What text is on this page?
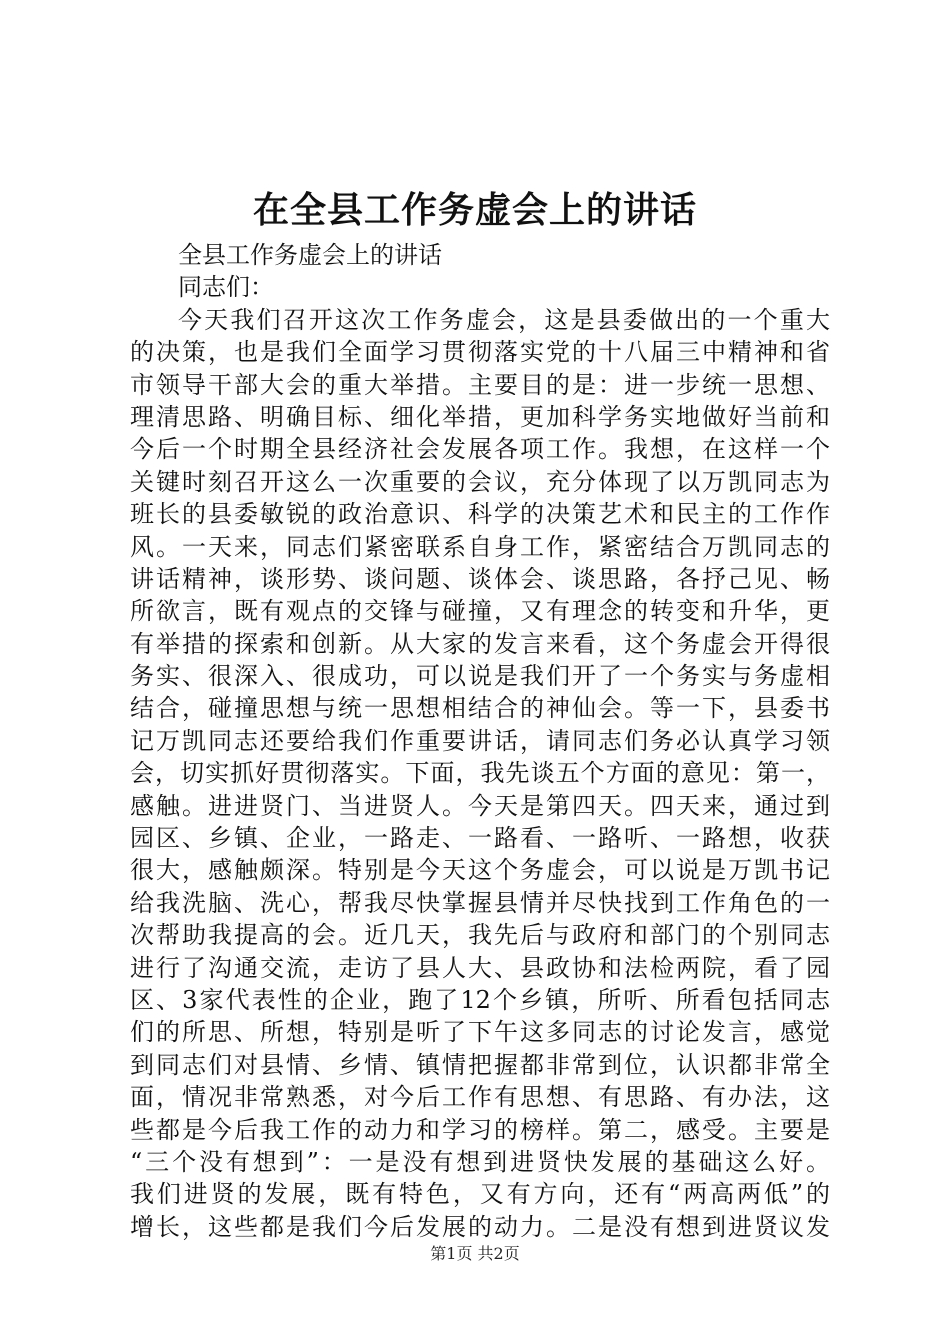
在全县工作务虚会上的讲话
全县工作务虚会上的讲话
同志们：
今天我们召开这次工作务虚会，这是县委做出的一个重大
的决策，也是我们全面学习贯彻落实党的十八届三中精神和省
市领导干部大会的重大举措。主要目的是：进一步统一思想、
理清思路、明确目标、细化举措，更加科学务实地做好当前和
今后一个时期全县经济社会发展各项工作。我想，在这样一个
关键时刻召开这么一次重要的会议，充分体现了以万凯同志为
班长的县委敏锐的政治意识、科学的决策艺术和民主的工作作
风。一天来，同志们紧密联系自身工作，紧密结合万凯同志的
讲话精神，谈形势、谈问题、谈体会、谈思路，各抒己见、畅
所欲言，既有观点的交锋与碰撞，又有理念的转变和升华，更
有举措的探索和创新。从大家的发言来看，这个务虚会开得很
务实、很深入、很成功，可以说是我们开了一个务实与务虚相
结合，碰撞思想与统一思想相结合的神仙会。等一下，县委书
记万凯同志还要给我们作重要讲话，请同志们务必认真学习领
会，切实抓好贯彻落实。下面，我先谈五个方面的意见：第一，
感触。进进贤门、当进贤人。今天是第四天。四天来，通过到
园区、乡镇、企业，一路走、一路看、一路听、一路想，收获
很大，感触颇深。特别是今天这个务虚会，可以说是万凯书记
给我洗脑、洗心，帮我尽快掌握县情并尽快找到工作角色的一
次帮助我提高的会。近几天，我先后与政府和部门的个别同志
进行了沟通交流，走访了县人大、县政协和法检两院，看了园
区、3家代表性的企业，跑了12个乡镇，所听、所看包括同志
们的所思、所想，特别是听了下午这多同志的讨论发言，感觉
到同志们对县情、乡情、镇情把握都非常到位，认识都非常全
面，情况非常熟悉，对今后工作有思想、有思路、有办法，这
些都是今后我工作的动力和学习的榜样。第二，感受。主要是
“三个没有想到”：一是没有想到进贤快发展的基础这么好。
我们进贤的发展，既有特色，又有方向，还有“两高两低”的
增长，这些都是我们今后发展的动力。二是没有想到进贤议发
第1页 共2页
